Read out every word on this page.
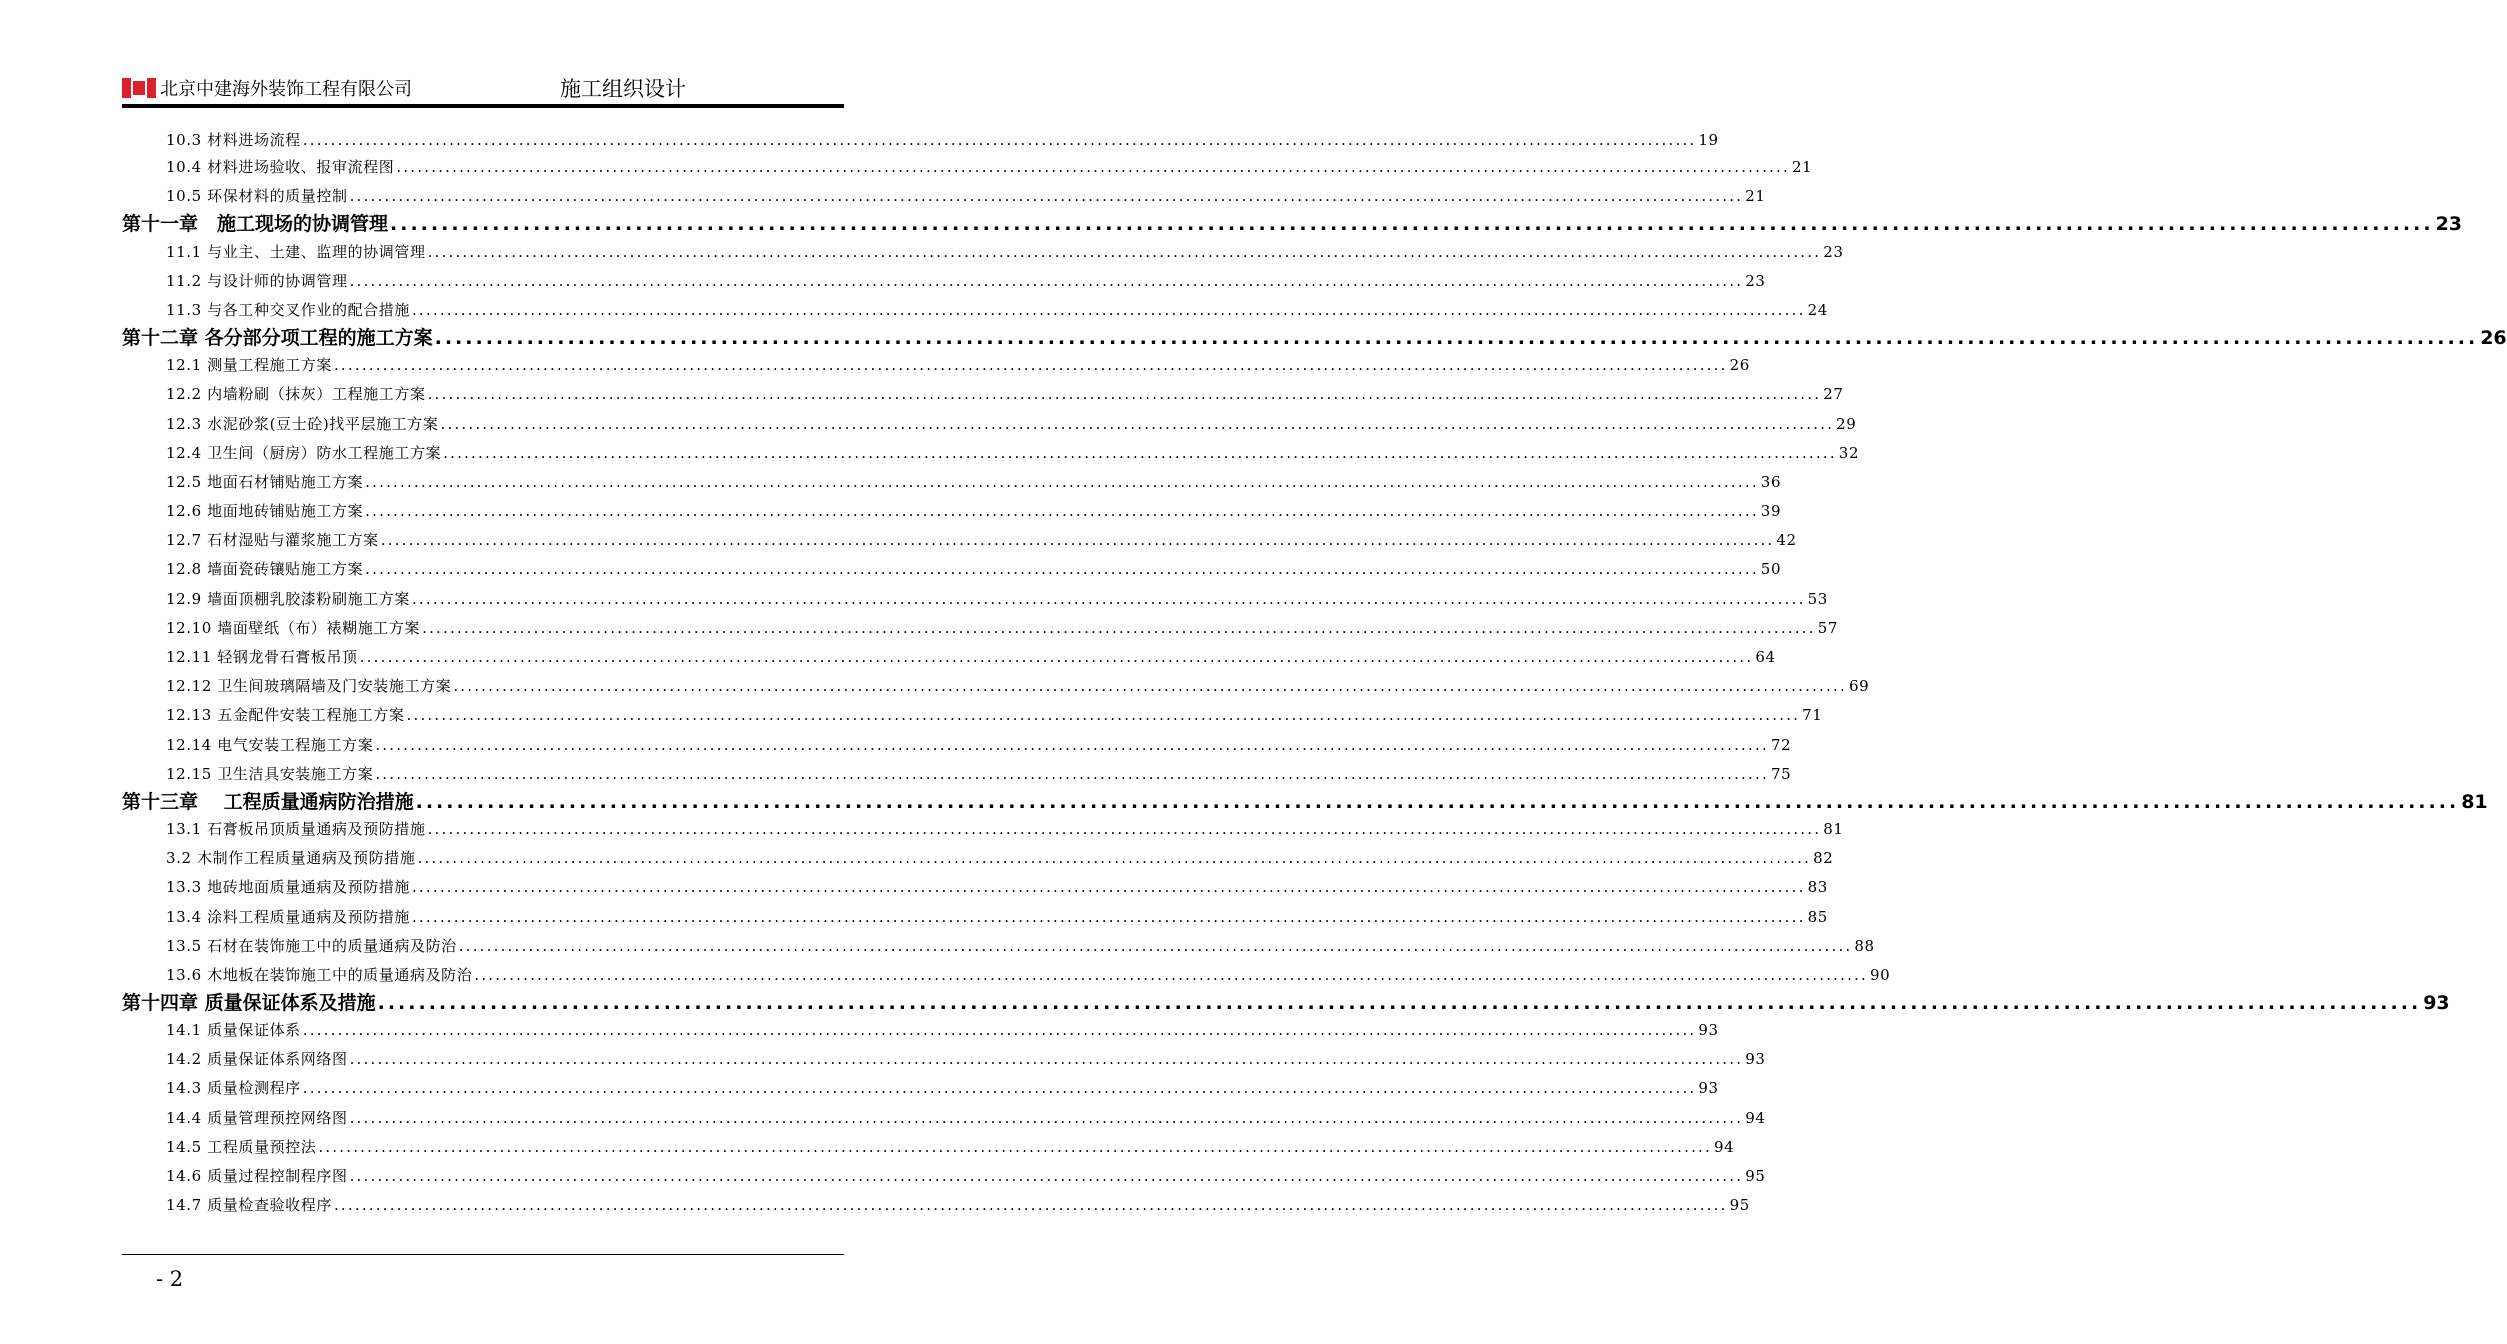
北京中建海外装饰工程有限公司	施工组织设计
10.3 材料进场流程 ........................................................................................................................................................................................................ 19
10.4 材料进场验收、报审流程图 ........................................................................................................................................................................................................ 21
10.5 环保材料的质量控制 ........................................................................................................................................................................................................ 21
第十一章　施工现场的协调管理 ........................................................................................................................................................................................................ 23
11.1 与业主、土建、监理的协调管理 ........................................................................................................................................................................................................ 23
11.2 与设计师的协调管理 ........................................................................................................................................................................................................ 23
11.3 与各工种交叉作业的配合措施 ........................................................................................................................................................................................................ 24
第十二章 各分部分项工程的施工方案 ........................................................................................................................................................................................................ 26
12.1 测量工程施工方案 ........................................................................................................................................................................................................ 26
12.2 内墙粉刷（抹灰）工程施工方案 ........................................................................................................................................................................................................ 27
12.3 水泥砂浆(豆士砼)找平层施工方案 ........................................................................................................................................................................................................ 29
12.4 卫生间（厨房）防水工程施工方案 ........................................................................................................................................................................................................ 32
12.5 地面石材铺贴施工方案 ........................................................................................................................................................................................................ 36
12.6 地面地砖铺贴施工方案 ........................................................................................................................................................................................................ 39
12.7 石材湿贴与灌浆施工方案 ........................................................................................................................................................................................................ 42
12.8 墙面瓷砖镶贴施工方案 ........................................................................................................................................................................................................ 50
12.9 墙面顶棚乳胶漆粉刷施工方案 ........................................................................................................................................................................................................ 53
12.10 墙面壁纸（布）裱糊施工方案 ........................................................................................................................................................................................................ 57
12.11 轻钢龙骨石膏板吊顶 ........................................................................................................................................................................................................ 64
12.12 卫生间玻璃隔墙及门安装施工方案 ........................................................................................................................................................................................................ 69
12.13 五金配件安装工程施工方案 ........................................................................................................................................................................................................ 71
12.14 电气安装工程施工方案 ........................................................................................................................................................................................................ 72
12.15 卫生洁具安装施工方案 ........................................................................................................................................................................................................ 75
第十三章　 工程质量通病防治措施 ........................................................................................................................................................................................................ 81
13.1 石膏板吊顶质量通病及预防措施 ........................................................................................................................................................................................................ 81
3.2 木制作工程质量通病及预防措施 ........................................................................................................................................................................................................ 82
13.3 地砖地面质量通病及预防措施 ........................................................................................................................................................................................................ 83
13.4 涂料工程质量通病及预防措施 ........................................................................................................................................................................................................ 85
13.5 石材在装饰施工中的质量通病及防治 ........................................................................................................................................................................................................ 88
13.6 木地板在装饰施工中的质量通病及防治 ........................................................................................................................................................................................................ 90
第十四章 质量保证体系及措施 ........................................................................................................................................................................................................ 93
14.1 质量保证体系 ........................................................................................................................................................................................................ 93
14.2 质量保证体系网络图 ........................................................................................................................................................................................................ 93
14.3 质量检测程序 ........................................................................................................................................................................................................ 93
14.4 质量管理预控网络图 ........................................................................................................................................................................................................ 94
14.5 工程质量预控法 ........................................................................................................................................................................................................ 94
14.6 质量过程控制程序图 ........................................................................................................................................................................................................ 95
14.7 质量检查验收程序 ........................................................................................................................................................................................................ 95
- 2
